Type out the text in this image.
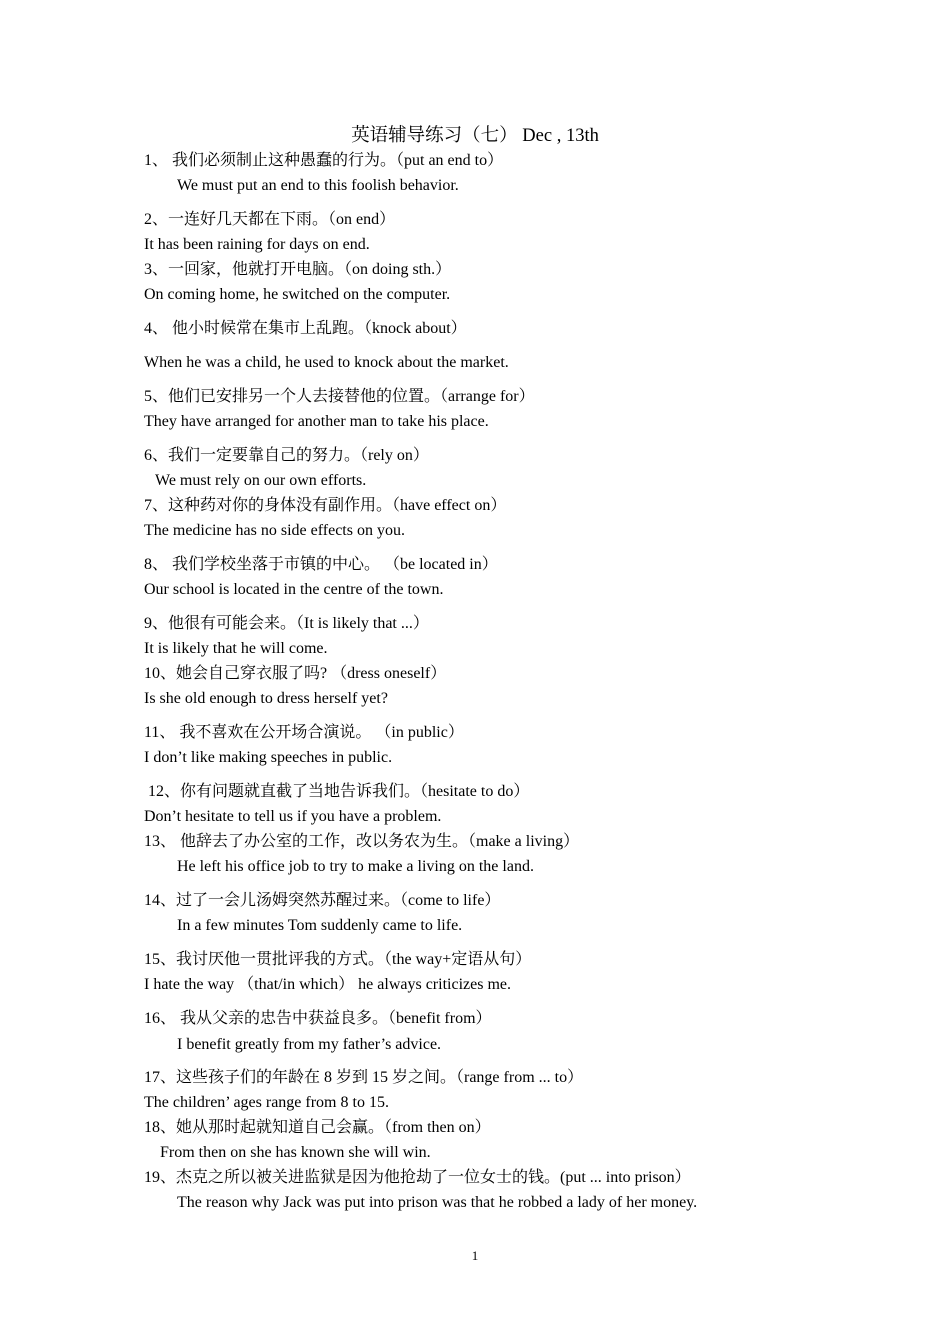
英语辅导练习（七） Dec , 13th
1、 我们必须制止这种愚蠢的行为。（put an end to）
We must put an end to this foolish behavior.
2、一连好几天都在下雨。（on end）
It has been raining for days on end.
3、一回家，他就打开电脑。（on doing sth.）
On coming home, he switched on the computer.
4、 他小时候常在集市上乱跑。（knock about）
When he was a child, he used to knock about the market.
5、他们已安排另一个人去接替他的位置。（arrange for）
They have arranged for another man to take his place.
6、我们一定要靠自己的努力。（rely on）
We must rely on our own efforts.
7、这种药对你的身体没有副作用。（have effect on）
The medicine has no side effects on you.
8、 我们学校坐落于市镇的中心。 （be located in）
Our school is located in the centre of the town.
9、他很有可能会来。（It is likely that ...）
It is likely that he will come.
10、她会自己穿衣服了吗? （dress oneself）
Is she old enough to dress herself yet?
11、 我不喜欢在公开场合演说。 （in public）
I don’t like making speeches in public.
12、你有问题就直截了当地告诉我们。（hesitate to do）
Don’t hesitate to tell us if you have a problem.
13、 他辞去了办公室的工作，改以务农为生。（make a living）
He left his office job to try to make a living on the land.
14、过了一会儿汤姆突然苏醒过来。（come to life）
In a few minutes Tom suddenly came to life.
15、我讨厌他一贯批评我的方式。（the way+定语从句）
I hate the way （that/in which） he always criticizes me.
16、 我从父亲的忠告中获益良多。（benefit from）
I benefit greatly from my father’s advice.
17、这些孩子们的年龄在 8 岁到 15 岁之间。（range from ... to）
The children’ ages range from 8 to 15.
18、她从那时起就知道自己会赢。（from then on）
From then on she has known she will win.
19、杰克之所以被关进监狱是因为他抢劫了一位女士的钱。(put ... into prison）
The reason why Jack was put into prison was that he robbed a lady of her money.
1
